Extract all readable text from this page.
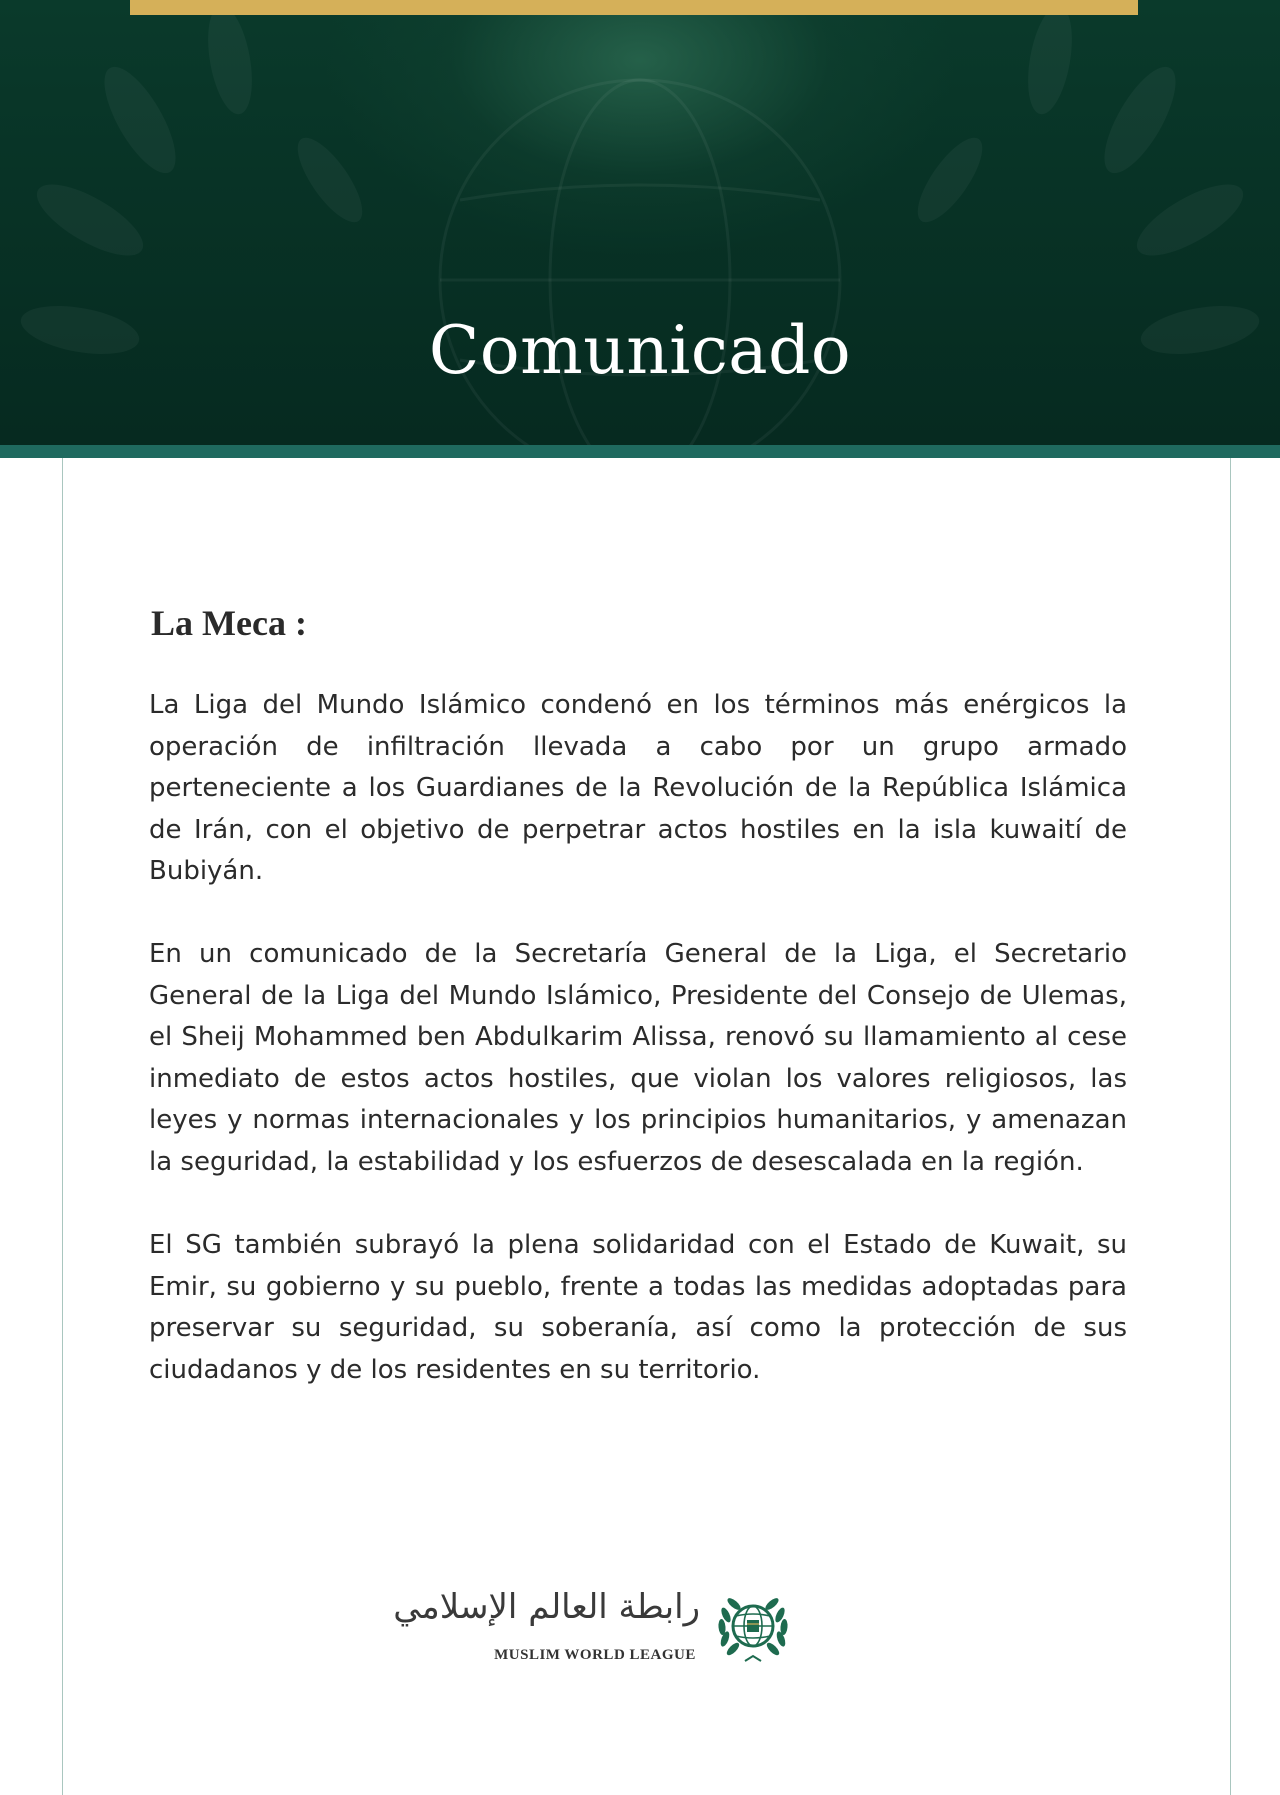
Comunicado
La Meca :

La Liga del Mundo Islámico condenó en los términos más enérgicos la operación de infiltración llevada a cabo por un grupo armado perteneciente a los Guardianes de la Revolución de la República Islámica de Irán, con el objetivo de perpetrar actos hostiles en la isla kuwaití de Bubiyán.

En un comunicado de la Secretaría General de la Liga, el Secretario General de la Liga del Mundo Islámico, Presidente del Consejo de Ulemas, el Sheij Mohammed ben Abdulkarim Alissa, renovó su llamamiento al cese inmediato de estos actos hostiles, que violan los valores religiosos, las leyes y normas internacionales y los principios humanitarios, y amenazan la seguridad, la estabilidad y los esfuerzos de desescalada en la región.

El SG también subrayó la plena solidaridad con el Estado de Kuwait, su Emir, su gobierno y su pueblo, frente a todas las medidas adoptadas para preservar su seguridad, su soberanía, así como la protección de sus ciudadanos y de los residentes en su territorio.

رابطة العالم الإسلامي
MUSLIM WORLD LEAGUE
